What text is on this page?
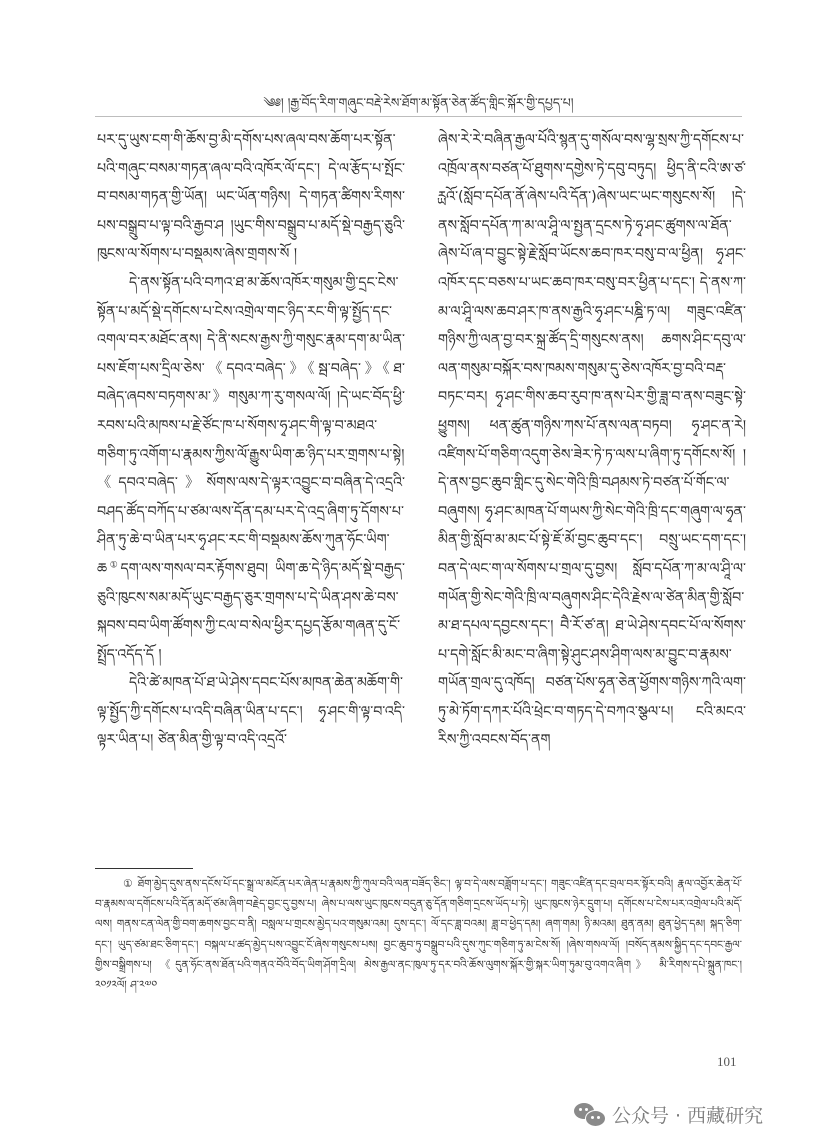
༄༅། །རྒྱ་བོད་རིག་གཞུང་བརྡེ་རེས་ཐོག་མ་སྟོན་ཅེན་ཚོད་གླིང་སྐོར་གྱི་དཔྱད་པ།

པར་དུ་ཡུས་ངག་གི་ཆོས་བྱ་མི་དགོས་པས་ཞལ་བས་ཆོག་པར་སྟོན་པའི་གཞུང་བསམ་གཏན་ཞལ་བའི་འཁོར་ལོ་དང་། དེ་ལ་རྩོད་པ་སྤོང་བ་བསམ་གཏན་གྱི་ཡོན། ཡང་ཡོན་གཉིས། དེ་གཏན་ཚིགས་རིགས་པས་བསྒྲུབ་པ་ལྟ་བའི་རྒྱབ་ཤ །ཡུང་གིས་བསྒྲུབ་པ་མདོ་སྡེ་བརྒྱད་ཅུའི་ཁུངས་ལ་སོགས་པ་བསྡམས་ཞེས་གྲགས་སོ །

དེ་ནས་སྟོན་པའི་བཀའ་ཐ་མ་ཆོས་འཁོར་གསུམ་གྱི་དྲང་ངེས་སྟོན་པ་མདོ་སྡེ་དགོངས་པ་ངེས་འགྲེལ་གང་ཉིད་རང་གི་ལྟ་སྤྱོད་དང་འགལ་བར་མཐོང་ནས། དེ་ནི་སངས་རྒྱས་ཀྱི་གསུང་རྣམ་དག་མ་ཡིན་པས་ཇོག་པས་དྲིལ་ཅེས་《དབའ་བཞེད་》《སྦ་བཞེད་》《ཐ་བཞེད་ཞབས་བཏགས་མ་》གསུམ་ཀ་རུ་གསལ་ལོ། །དེ་ཡང་བོད་ཕྱི་རབས་པའི་མཁས་པ་རྗེ་ཙོང་ཁ་པ་སོགས་ཧྭ་ཤང་གི་ལྟ་བ་མཐའ་གཅིག་ཏུ་འགོག་པ་རྣམས་ཀྱིས་ལོ་རྒྱུས་ཡིག་ཆ་ཉིད་པར་གྲགས་པ་སྟེ། 《དབའ་བཞེད་》སོགས་ལས་དེ་ལྟར་འབྱུང་བ་བཞིན་དེ་འདྲའི་བཤད་ཚོད་བཀོད་པ་ཙམ་ལས་དོན་དམ་པར་དེ་འདྲ་ཞིག་ཏུ་དོགས་པ་ཤིན་ཏུ་ཆེ་བ་ཡིན་པར་ཧྭ་ཤང་རང་གི་བསྡམས་ཆོས་ཀུན་ཧོང་ཡིག་ཆ①དག་ལས་གསལ་བར་རྟོགས་ཐུབ། ཡིག་ཆ་དེ་ཉིད་མདོ་སྡེ་བརྒྱད་ཅུའི་ཁུངས་སམ་མདོ་ཡུང་བརྒྱད་ཅུར་གྲགས་པ་དེ་ཡིན་ཤས་ཆེ་བས་སྐབས་བབ་ཡིག་ཚོགས་ཀྱི་ངལ་བ་སེལ་ཕྱིར་དཔྱད་རྩོམ་གཞན་དུ་ངོ་སྤྲོད་འདོད་དོ །

དེའི་ཚེ་མཁན་པོ་ཐ་ཡེ་ཤེས་དབང་པོས་མཁན་ཆེན་མཆོག་གི་ལྟ་སྤྱོད་ཀྱི་དགོངས་པ་འདི་བཞིན་ཡིན་པ་དང་། ཧྭ་ཤང་གི་ལྟ་བ་འདི་ལྟར་ཡིན་པ། ཙེན་མིན་གྱི་ལྟ་བ་འདི་འདྲའོ་

ཞེས་རེ་རེ་བཞིན་རྒྱལ་པོའི་སྙན་དུ་གསོལ་བས་ལྷ་སྲས་ཀྱི་དགོངས་པ་འཁྲོལ་ནས་བཙན་པོ་ཐུགས་དགྱེས་ཏེ་དབུ་བཏུད། ཕྱིད་ནི་ངའི་ཨ་ཙ་ཪྻའོ་(སློབ་དཔོན་ནོ་ཞེས་པའི་དོན་)ཞེས་ཡང་ཡང་གསུངས་སོ། །དེ་ནས་སློབ་དཔོན་ཀ་མ་ལ་ཤཱི་ལ་སྤྱན་དྲངས་ཏེ་ཧྭ་ཤང་ཚུགས་ལ་ཐོན་ཞེས་པོ་ཞ་བ་བྱུང་སྟེ་རྗེ་སློབ་ཡོངས་ཆབ་ཁར་བསུ་བ་ལ་ཕྱིན། ཧྭ་ཤང་འཁོར་དང་བཅས་པ་ཡང་ཆབ་ཁར་བསུ་བར་ཕྱིན་པ་དང་། དེ་ནས་ཀ་མ་ལ་ཤཱི་ལས་ཆབ་ཤར་ཁ་ནས་རྒྱའི་ཧྭ་ཤང་པཎྜི་ཏ་ལ། གཟུང་འཛིན་གཉིས་ཀྱི་ལན་བྱ་བར་སྐྲ་ཚོད་དྲི་གསུངས་ནས། ཆགས་ཤིང་དབུ་ལ་ལན་གསུམ་བསྐོར་བས་ཁམས་གསུམ་དུ་ཅེས་འཁོར་བྱ་བའི་བརྡ་བཏང་བར། ཧྭ་ཤང་གིས་ཆབ་རུབ་ཁ་ནས་པེར་གྱི་ཟླ་བ་ནས་བཟུང་སྟེ་ཕྱུགས། ཕན་ཚུན་གཉིས་ཀས་པོ་ནས་ལན་བཏབ། ཧྭ་ཤང་ན་རེ། འཛིགས་པོ་གཅིག་འདུག་ཅེས་ཟེར་ཏེ་ཏ་ལས་པ་ཞིག་ཏུ་དགོངས་སོ། །དེ་ནས་བྱང་ཆུབ་གླིང་དུ་སེང་གེའི་ཁྲི་བཤམས་ཏེ་བཙན་པོ་གོང་ལ་བཞུགས། ཧྭ་ཤང་མཁན་པོ་གཡས་ཀྱི་སེང་གེའི་ཁྲི་དང་གཞུག་ལ་ཧྭན་མིན་གྱི་སློབ་མ་མང་པོ་སྟེ་ཇོ་མོ་བྱང་ཆུབ་དང་། བསྲུ་ཡང་དག་དང་། བན་དེ་ལང་ག་ལ་སོགས་པ་གྲལ་དུ་བྱས། སློབ་དཔོན་ཀ་མ་ལ་ཤཱི་ལ་གཡོན་གྱི་སེང་གེའི་ཁྲི་ལ་བཞུགས་ཤིང་དེའི་རྗེས་ལ་ཙེན་མིན་གྱི་སློབ་མ་ཐ་དཔལ་དབྱངས་དང་། བཻ་རོ་ཙ་ན། ཐ་ཡེ་ཤེས་དབང་པོ་ལ་སོགས་པ་དགེ་སློང་མི་མང་བ་ཞིག་སྟེ་ཤུང་ཤས་ཤིག་ལས་མ་བྱུང་བ་རྣམས་གཡོན་གྲལ་དུ་འཁོད། བཙན་པོས་ཧྭན་ཅེན་ཕྱོགས་གཉིས་ཀའི་ལག་ཏུ་མེ་ཏོག་དཀར་པོའི་ཕྲེང་བ་གཏད་དེ་བཀའ་སྩལ་པ། ངའི་མངའ་རིས་ཀྱི་འབངས་བོད་ནག

① ཐོག་མྱེད་དུས་ནས་དངོས་པོ་དང་སྒྲ་ལ་མངོན་པར་ཞེན་པ་རྣམས་ཀྱི་ཀུལ་བའི་ལན་བཟོད་ཅིང་། ལྟ་བ་དེ་ལས་བཟློག་པ་དང་། གཟུང་འཛིན་དང་བྲལ་བར་སྟོར་བའི། རྣལ་འབྱོར་ཆེན་པོ་བ་རྣམས་ལ་དགོངས་པའི་དོན་མདོ་ཙམ་ཞིག་བརྗེད་བྱང་དུ་བྱས་པ། ཞེས་པ་ལས་ཡུང་ཁུངས་བདུན་ཅུ་དོན་གཅིག་དྲངས་ཡོད་པ་ཏེ། ཡུང་ཁུངས་ཉེར་དྲུག་པ། དགོངས་པ་ངེས་པར་འགྲེལ་པའི་མདོ་ལས། གནས་ངན་ལེན་གྱི་བག་ཆགས་བྱང་བ་ནི། བསླལ་པ་གྲངས་མྱེད་པའ་གསུམ་འམ། དུས་དང་། ལོ་དང་ཟླ་བའམ། ཟླ་བ་ཕྱེད་དམ། ཞག་གམ། ཉི་མའམ། ཐུན་ནམ། ཐུན་ཕྱེད་དམ། སྐད་ཅིག་དང་། ཡུད་ཙམ་ཐང་ཅིག་དང་། བསྐལ་པ་ཚད་མྱེད་པས་འབྱུང་ངོ་ཞེས་གསུངས་པས། བྱང་ཆུབ་ཏུ་བསྒྲུབ་པའི་དུས་ཀུང་གཅིག་ཏུ་མ་ངེས་སོ། །ཞེས་གསལ་ལོ། །བསོད་ནམས་སྐྱིད་དང་དབང་རྒྱལ་གྱིས་བསྒྲིགས་པ། 《དུན་ཧོང་ནས་ཐོན་པའི་གནའ་བོའི་བོད་ཡིག་ཤོག་དྲིལ། མེས་རྒྱལ་ནང་ཁུལ་ཏུ་དར་བའི་ཆོས་ལུགས་སྐོར་གྱི་སྐར་ཡིག་ཏུམ་བུ་འགའ་ཞིག》 མི་རིགས་དཔེ་སྐྲུན་ཁང་། ༢༠༡༢ལོ། ཤ་༢༧༠
101
公众号 · 西藏研究
